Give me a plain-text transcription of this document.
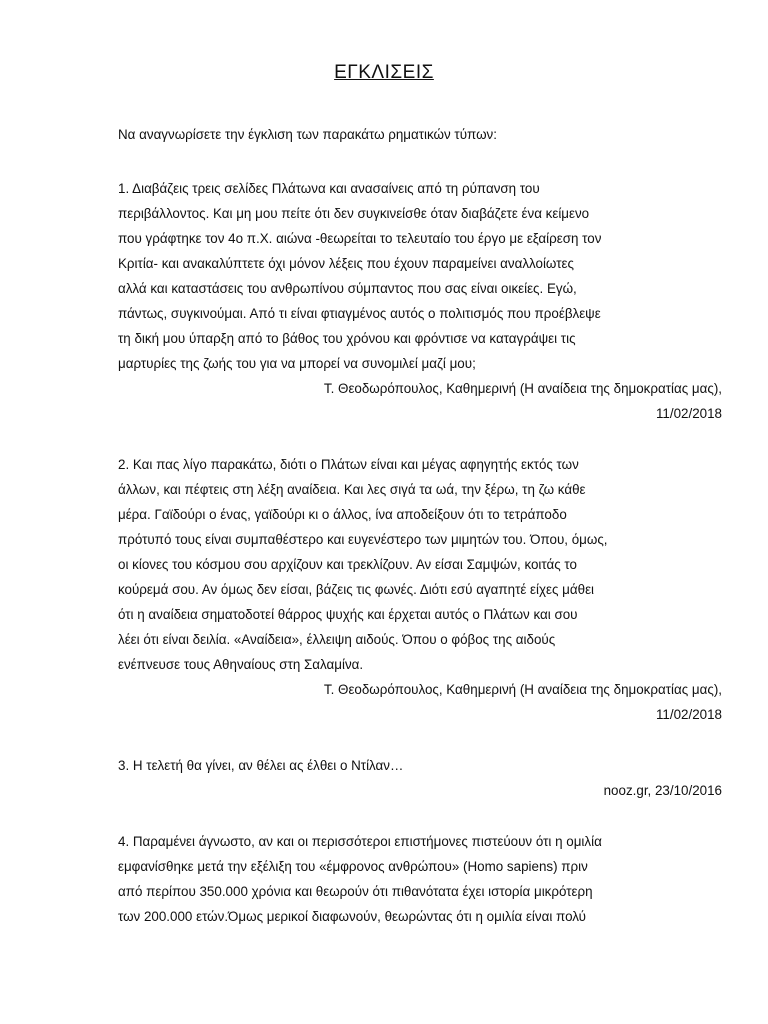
ΕΓΚΛΙΣΕΙΣ
Να αναγνωρίσετε την έγκλιση των παρακάτω ρηματικών τύπων:
1. Διαβάζεις τρεις σελίδες Πλάτωνα και ανασαίνεις από τη ρύπανση του
περιβάλλοντος. Και μη μου πείτε ότι δεν συγκινείσθε όταν διαβάζετε ένα κείμενο
που γράφτηκε τον 4ο π.Χ. αιώνα -θεωρείται το τελευταίο του έργο με εξαίρεση τον
Κριτία- και ανακαλύπτετε όχι μόνον λέξεις που έχουν παραμείνει αναλλοίωτες
αλλά και καταστάσεις του ανθρωπίνου σύμπαντος που σας είναι οικείες. Εγώ,
πάντως, συγκινούμαι. Από τι είναι φτιαγμένος αυτός ο πολιτισμός που προέβλεψε
τη δική μου ύπαρξη από το βάθος του χρόνου και φρόντισε να καταγράψει τις
μαρτυρίες της ζωής του για να μπορεί να συνομιλεί μαζί μου;
Τ. Θεοδωρόπουλος, Καθημερινή (Η αναίδεια της δημοκρατίας μας),
11/02/2018
2. Και πας λίγο παρακάτω, διότι ο Πλάτων είναι και μέγας αφηγητής εκτός των
άλλων, και πέφτεις στη λέξη αναίδεια. Και λες σιγά τα ωά, την ξέρω, τη ζω κάθε
μέρα. Γαϊδούρι ο ένας, γαϊδούρι κι ο άλλος, ίνα αποδείξουν ότι το τετράποδο
πρότυπό τους είναι συμπαθέστερο και ευγενέστερο των μιμητών του. Όπου, όμως,
οι κίονες του κόσμου σου αρχίζουν και τρεκλίζουν. Αν είσαι Σαμψών, κοιτάς το
κούρεμά σου. Αν όμως δεν είσαι, βάζεις τις φωνές. Διότι εσύ αγαπητέ είχες μάθει
ότι η αναίδεια σηματοδοτεί θάρρος ψυχής και έρχεται αυτός ο Πλάτων και σου
λέει ότι είναι δειλία. «Αναίδεια», έλλειψη αιδούς. Όπου ο φόβος της αιδούς
ενέπνευσε τους Αθηναίους στη Σαλαμίνα.
Τ. Θεοδωρόπουλος, Καθημερινή (Η αναίδεια της δημοκρατίας μας),
11/02/2018
3. Η τελετή θα γίνει, αν θέλει ας έλθει ο Ντίλαν…
nooz.gr, 23/10/2016
4. Παραμένει άγνωστο, αν και οι περισσότεροι επιστήμονες πιστεύουν ότι η ομιλία
εμφανίσθηκε μετά την εξέλιξη του «έμφρονος ανθρώπου» (Homo sapiens) πριν
από περίπου 350.000 χρόνια και θεωρούν ότι πιθανότατα έχει ιστορία μικρότερη
των 200.000 ετών.Όμως μερικοί διαφωνούν, θεωρώντας ότι η ομιλία είναι πολύ
